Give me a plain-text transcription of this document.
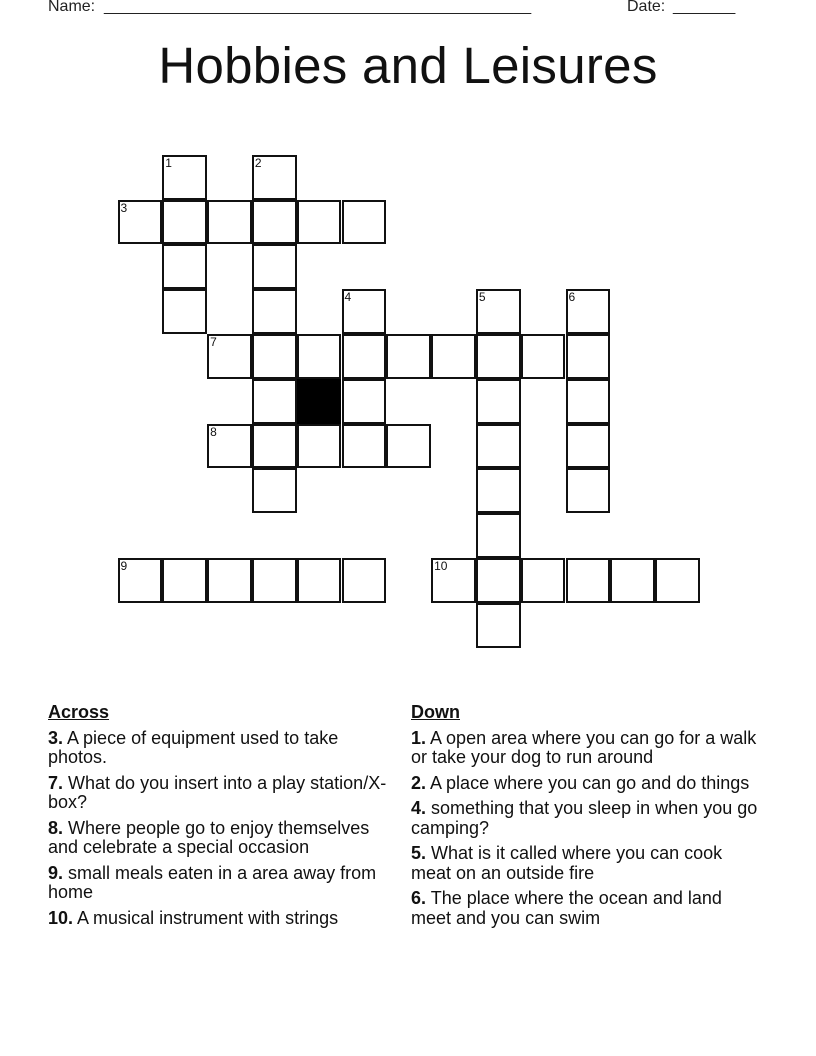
Name: ________________________________________________	Date: _______
Hobbies and Leisures
1	2
3
4	5	6
7
8
9	10
Across
3. A piece of equipment used to take photos.
7. What do you insert into a play station/X-box?
8. Where people go to enjoy themselves and celebrate a special occasion
9. small meals eaten in a area away from home
10. A musical instrument with strings
Down
1. A open area where you can go for a walk or take your dog to run around
2. A place where you can go and do things
4. something that you sleep in when you go camping?
5. What is it called where you can cook meat on an outside fire
6. The place where the ocean and land meet and you can swim
